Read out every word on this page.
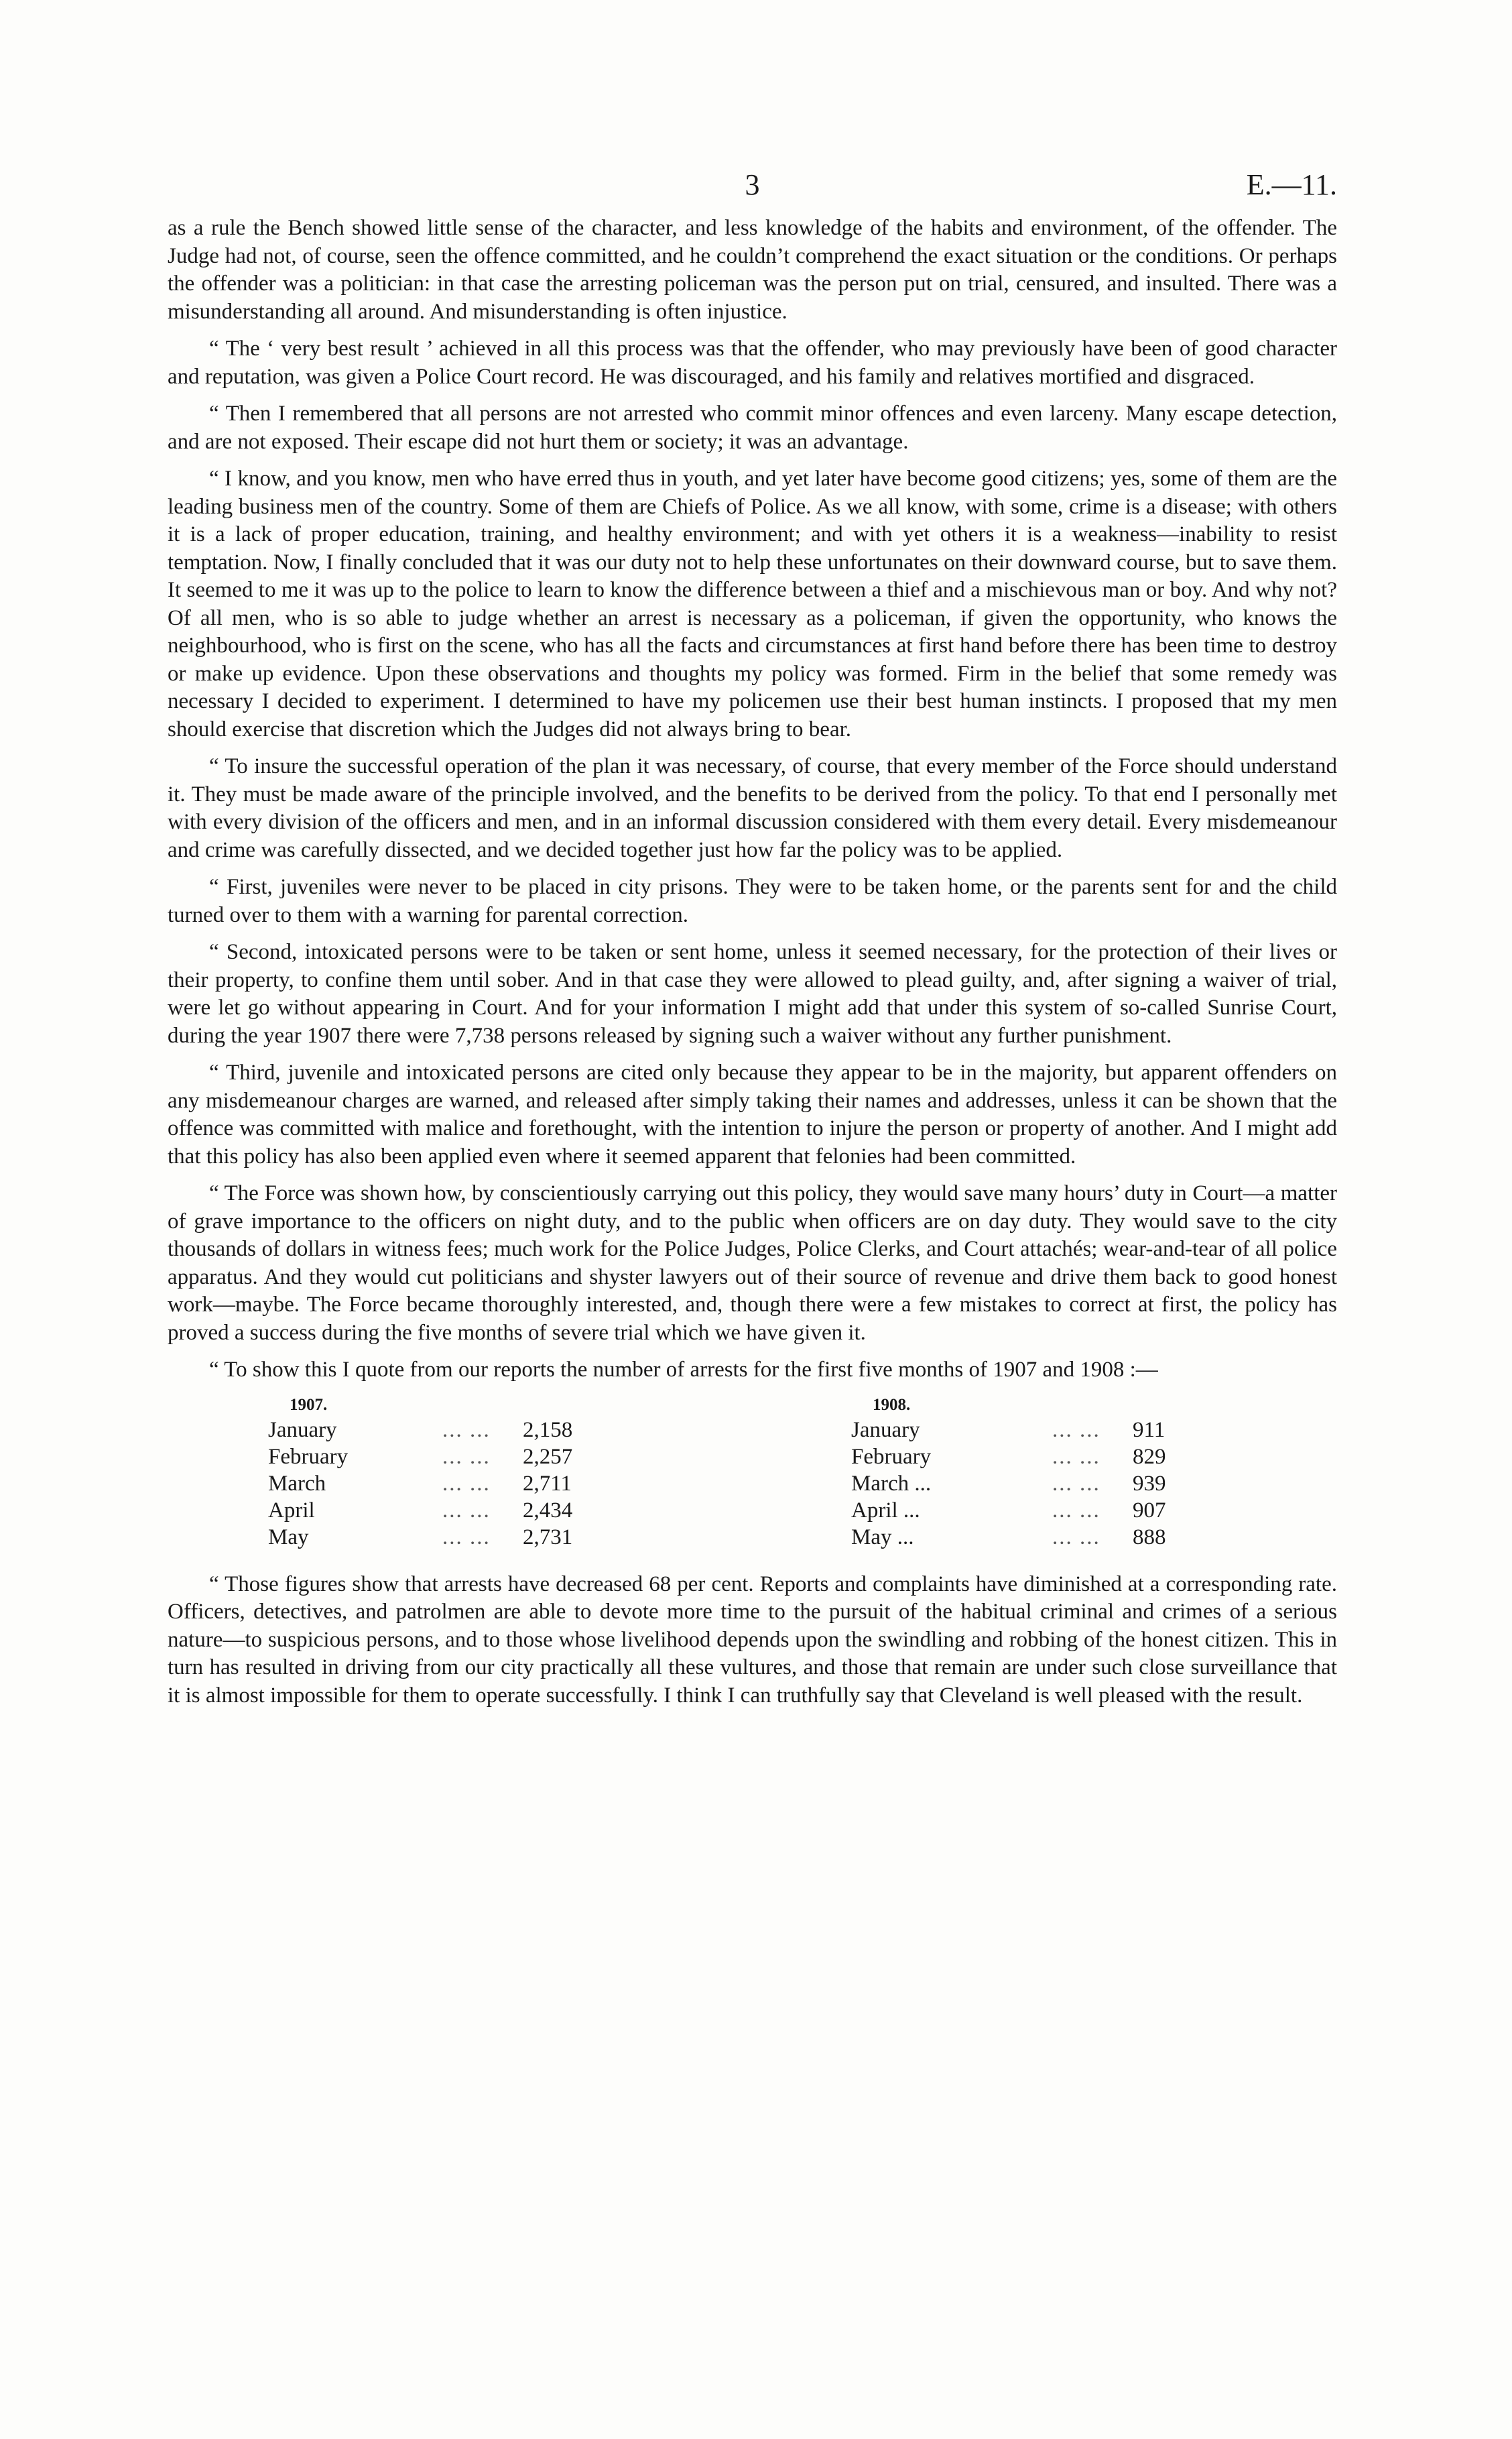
3	E.—11.

as a rule the Bench showed little sense of the character, and less knowledge of the habits and environment, of the offender. The Judge had not, of course, seen the offence committed, and he couldn’t comprehend the exact situation or the conditions. Or perhaps the offender was a politician: in that case the arresting policeman was the person put on trial, censured, and insulted. There was a misunderstanding all around. And misunderstanding is often injustice.

“ The ‘ very best result ’ achieved in all this process was that the offender, who may previously have been of good character and reputation, was given a Police Court record. He was discouraged, and his family and relatives mortified and disgraced.

“ Then I remembered that all persons are not arrested who commit minor offences and even larceny. Many escape detection, and are not exposed. Their escape did not hurt them or society; it was an advantage.

“ I know, and you know, men who have erred thus in youth, and yet later have become good citizens; yes, some of them are the leading business men of the country. Some of them are Chiefs of Police. As we all know, with some, crime is a disease; with others it is a lack of proper education, training, and healthy environment; and with yet others it is a weakness—inability to resist temptation. Now, I finally concluded that it was our duty not to help these unfortunates on their downward course, but to save them. It seemed to me it was up to the police to learn to know the difference between a thief and a mischievous man or boy. And why not? Of all men, who is so able to judge whether an arrest is necessary as a policeman, if given the opportunity, who knows the neighbourhood, who is first on the scene, who has all the facts and circumstances at first hand before there has been time to destroy or make up evidence. Upon these observations and thoughts my policy was formed. Firm in the belief that some remedy was necessary I decided to experiment. I determined to have my policemen use their best human instincts. I proposed that my men should exercise that discretion which the Judges did not always bring to bear.

“ To insure the successful operation of the plan it was necessary, of course, that every member of the Force should understand it. They must be made aware of the principle involved, and the benefits to be derived from the policy. To that end I personally met with every division of the officers and men, and in an informal discussion considered with them every detail. Every misdemeanour and crime was carefully dissected, and we decided together just how far the policy was to be applied.

“ First, juveniles were never to be placed in city prisons. They were to be taken home, or the parents sent for and the child turned over to them with a warning for parental correction.

“ Second, intoxicated persons were to be taken or sent home, unless it seemed necessary, for the protection of their lives or their property, to confine them until sober. And in that case they were allowed to plead guilty, and, after signing a waiver of trial, were let go without appearing in Court. And for your information I might add that under this system of so-called Sunrise Court, during the year 1907 there were 7,738 persons released by signing such a waiver without any further punishment.

“ Third, juvenile and intoxicated persons are cited only because they appear to be in the majority, but apparent offenders on any misdemeanour charges are warned, and released after simply taking their names and addresses, unless it can be shown that the offence was committed with malice and forethought, with the intention to injure the person or property of another. And I might add that this policy has also been applied even where it seemed apparent that felonies had been committed.

“ The Force was shown how, by conscientiously carrying out this policy, they would save many hours’ duty in Court—a matter of grave importance to the officers on night duty, and to the public when officers are on day duty. They would save to the city thousands of dollars in witness fees; much work for the Police Judges, Police Clerks, and Court attachés; wear-and-tear of all police apparatus. And they would cut politicians and shyster lawyers out of their source of revenue and drive them back to good honest work—maybe. The Force became thoroughly interested, and, though there were a few mistakes to correct at first, the policy has proved a success during the five months of severe trial which we have given it.

“ To show this I quote from our reports the number of arrests for the first five months of 1907 and 1908 :—

1907.
January	... ...	2,158
February	... ...	2,257
March	... ...	2,711
April	... ...	2,434
May	... ...	2,731
1908.
January	... ...	911
February	... ...	829
March ...	... ...	939
April ...	... ...	907
May ...	... ...	888

“ Those figures show that arrests have decreased 68 per cent. Reports and complaints have diminished at a corresponding rate. Officers, detectives, and patrolmen are able to devote more time to the pursuit of the habitual criminal and crimes of a serious nature—to suspicious persons, and to those whose livelihood depends upon the swindling and robbing of the honest citizen. This in turn has resulted in driving from our city practically all these vultures, and those that remain are under such close surveillance that it is almost impossible for them to operate successfully. I think I can truthfully say that Cleveland is well pleased with the result.
